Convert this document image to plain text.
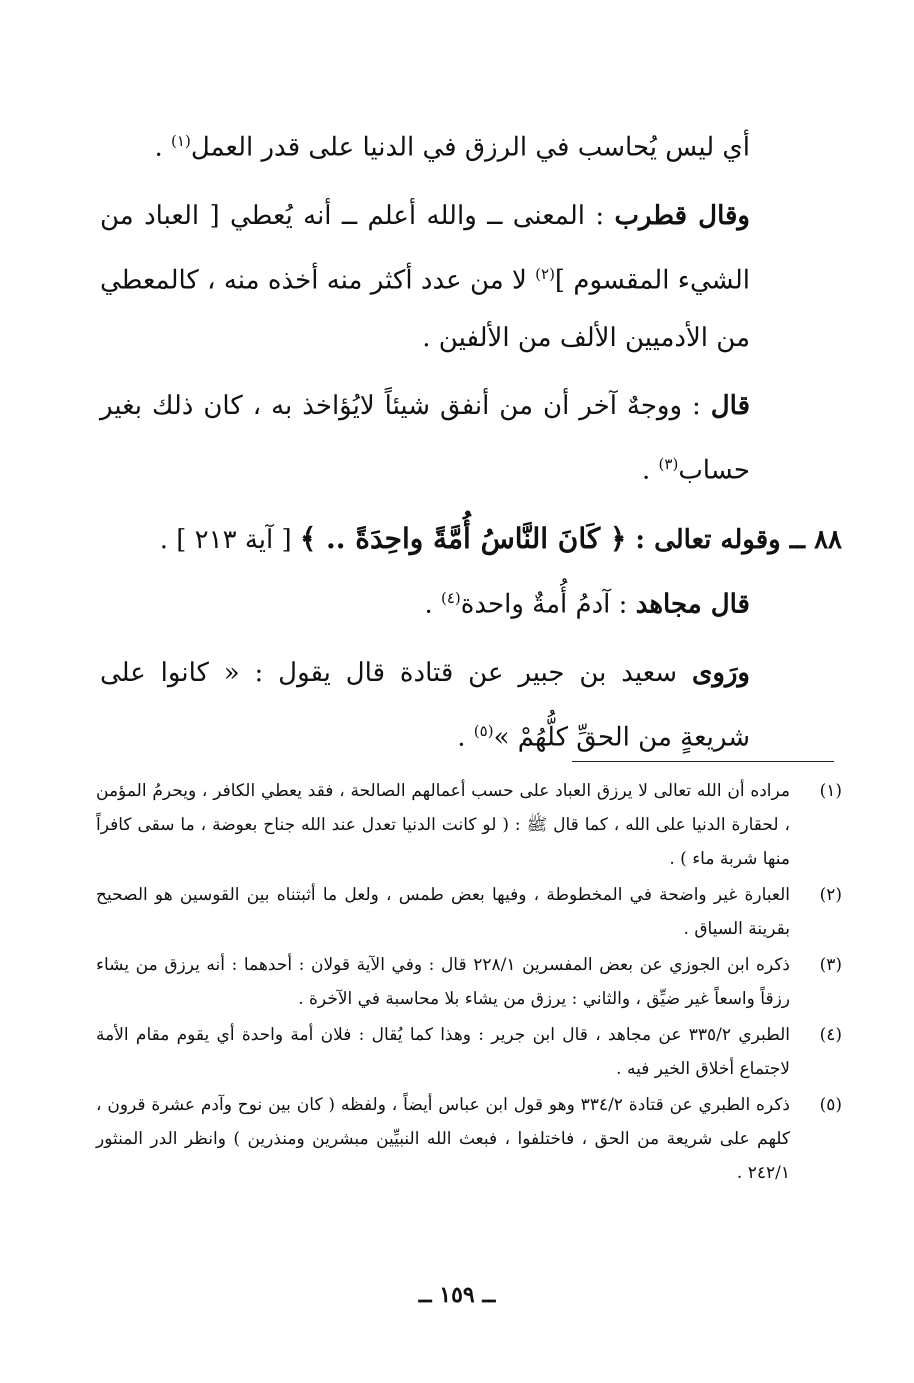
أي ليس يُحاسب في الرزق في الدنيا على قدر العمل$^{(١)}$ .

وقال قطرب : المعنى ــ والله أعلم ــ أنه يُعطي [ العباد من الشيء المقسوم ]$^{(٢)}$ لا من عدد أكثر منه أخذه منه ، كالمعطي من الأدميين الألف من الألفين .

قال : ووجهٌ آخر أن من أنفق شيئاً لايُؤاخذ به ، كان ذلك بغير حساب$^{(٣)}$ .

٨٨ ــ وقوله تعالى : ﴿ كَانَ النَّاسُ أُمَّةً واحِدَةً .. ﴾ [ آية ٢١٣ ] .

قال مجاهد : آدمُ أُمةٌ واحدة$^{(٤)}$ .

ورَوى سعيد بن جبير عن قتادة قال يقول : « كانوا على شريعةٍ من الحقِّ كلُّهُمْ »$^{(٥)}$ .

(١)
مراده أن الله تعالى لا يرزق العباد على حسب أعمالهم الصالحة ، فقد يعطي الكافر ، ويحرمُ المؤمن ، لحقارة الدنيا على الله ، كما قال ﷺ : ( لو كانت الدنيا تعدل عند الله جناح بعوضة ، ما سقى كافراً منها شربة ماء ) .
(٢)
العبارة غير واضحة في المخطوطة ، وفيها بعض طمس ، ولعل ما أثبتناه بين القوسين هو الصحيح بقرينة السياق .
(٣)
ذكره ابن الجوزي عن بعض المفسرين ٢٢٨/١ قال : وفي الآية قولان : أحدهما : أنه يرزق من يشاء رزقاً واسعاً غير ضيِّق ، والثاني : يرزق من يشاء بلا محاسبة في الآخرة .
(٤)
الطبري ٣٣٥/٢ عن مجاهد ، قال ابن جرير : وهذا كما يُقال : فلان أمة واحدة أي يقوم مقام الأمة لاجتماع أخلاق الخير فيه .
(٥)
ذكره الطبري عن قتادة ٣٣٤/٢ وهو قول ابن عباس أيضاً ، ولفظه ( كان بين نوح وآدم عشرة قرون ، كلهم على شريعة من الحق ، فاختلفوا ، فبعث الله النبيِّين مبشرين ومنذرين ) وانظر الدر المنثور ٢٤٢/١ .
ــ ١٥٩ ــ
